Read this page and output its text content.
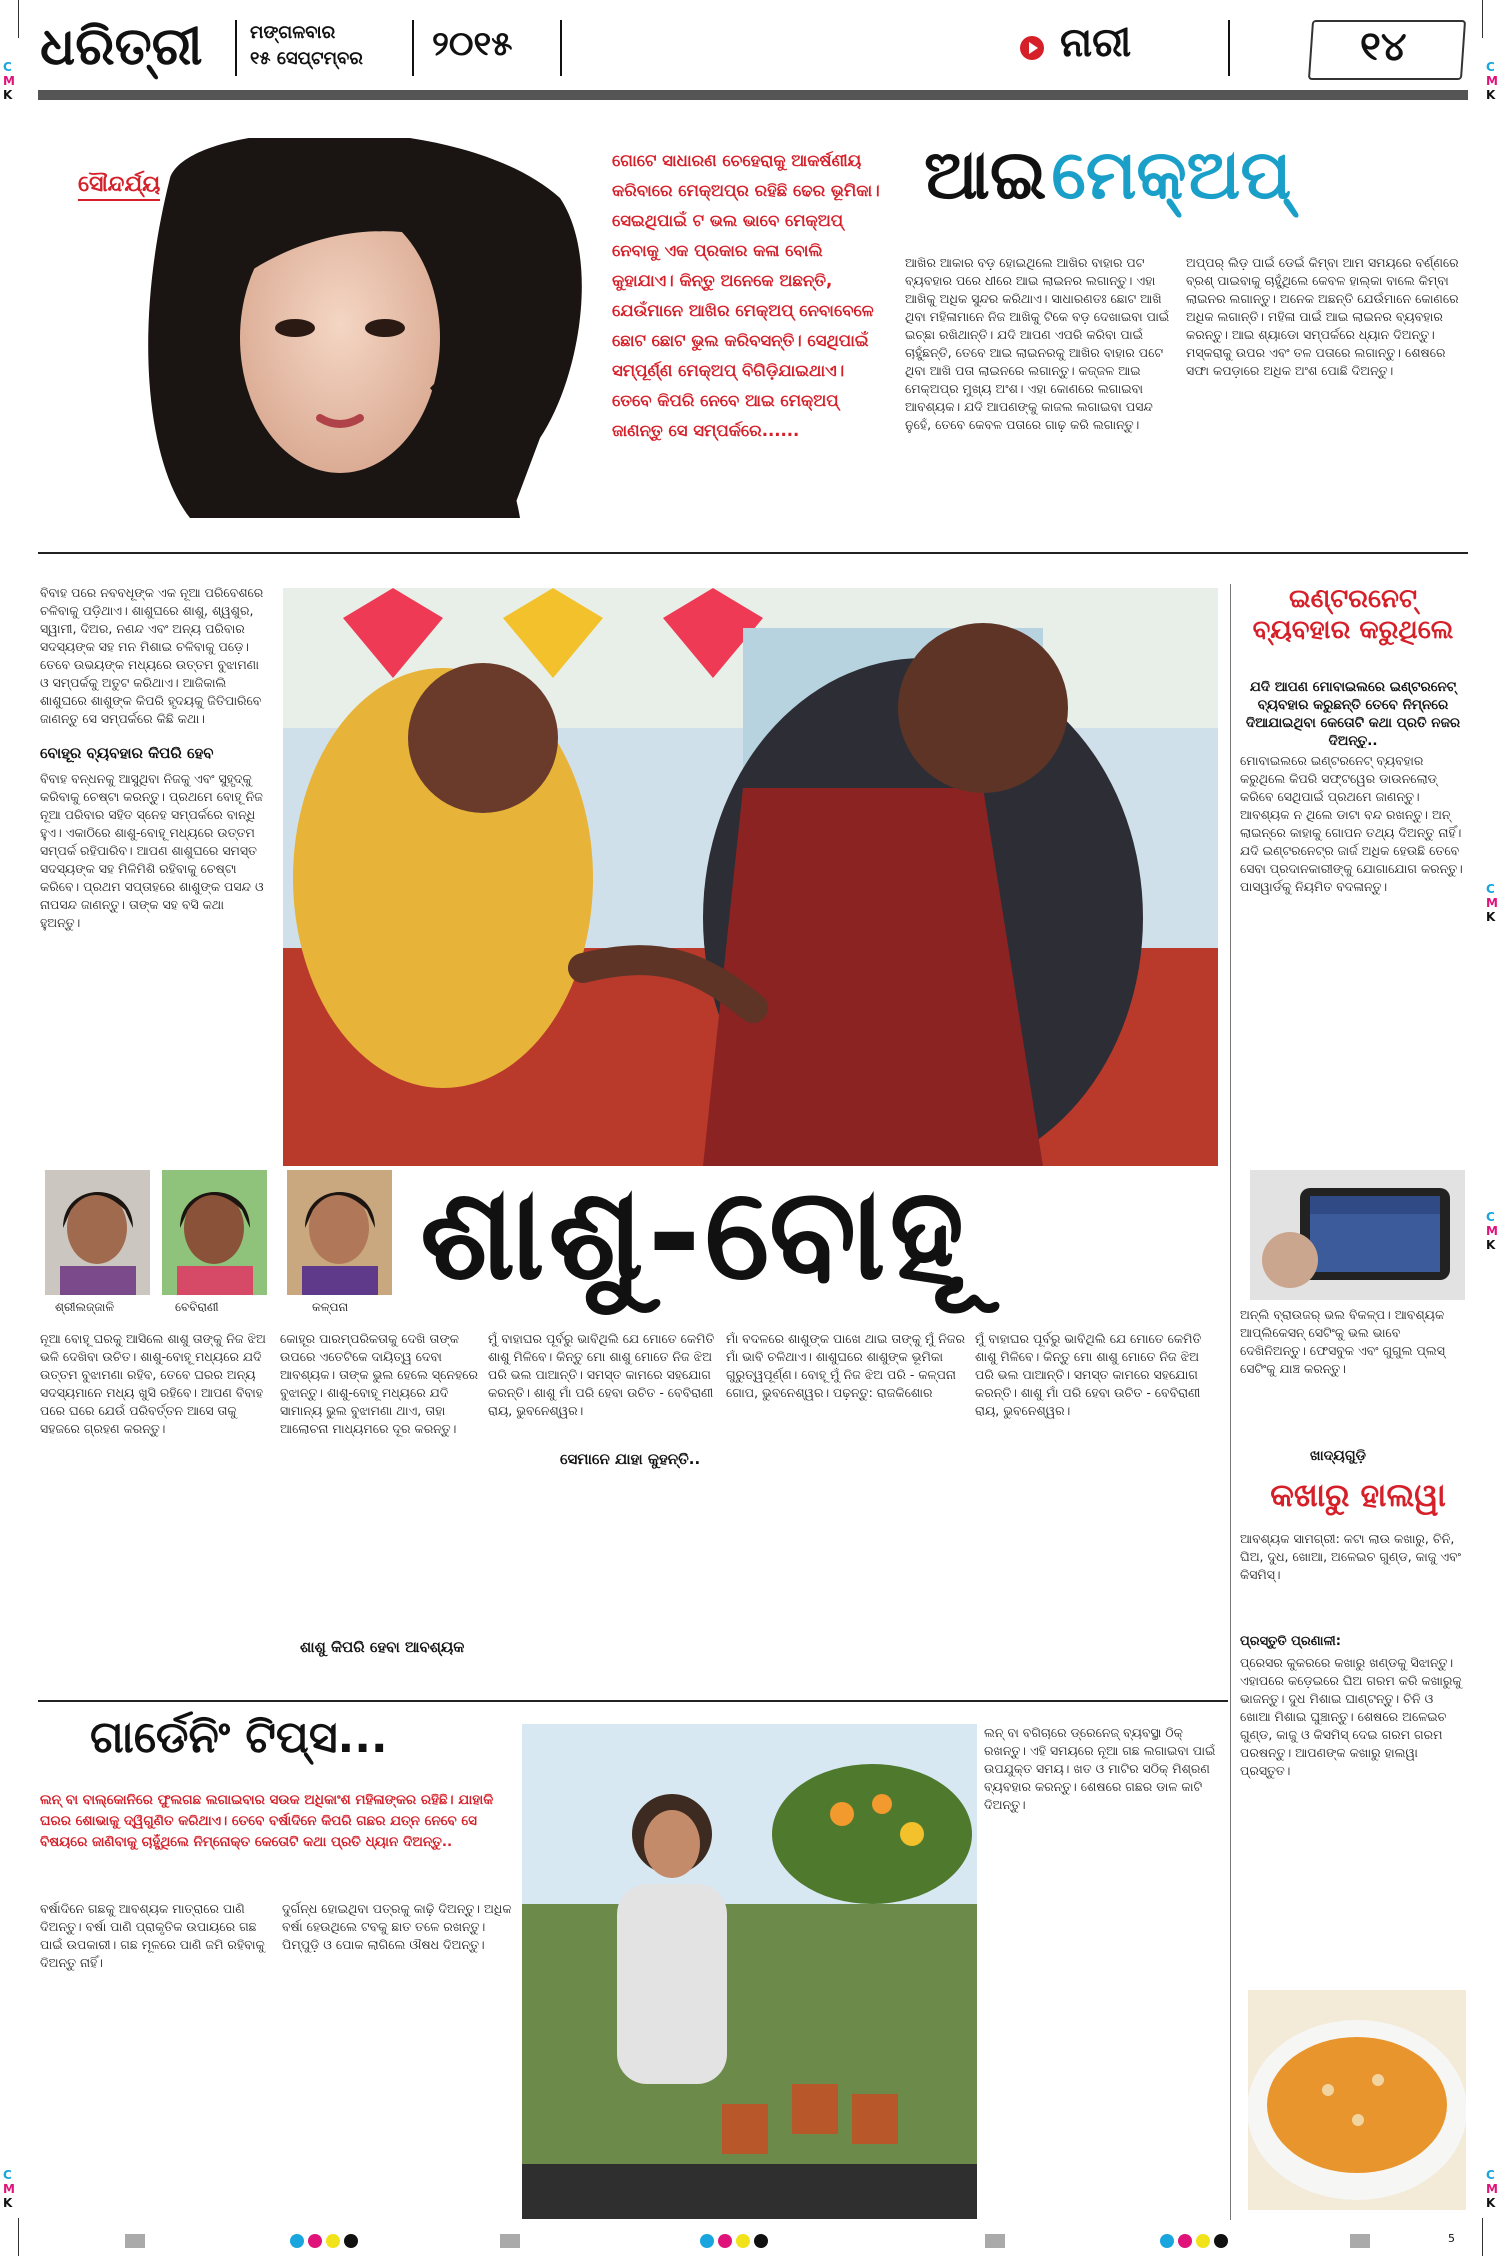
C
M
K
C
M
K
C
M
K
C
M
K
C
M
K
C
M
K
5
ଧରିତ୍ରୀ	ମଙ୍ଗଳବାର
୧୫ ସେପ୍ଟମ୍ବର ୨୦୧୫	ନାରୀ	୧୪
ସୌନ୍ଦର୍ଯ୍ୟ
ଗୋଟେ ସାଧାରଣ ଚେହେରାକୁ ଆକର୍ଷଣୀୟ କରିବାରେ ମେକ୍‌ଅପ୍‌ର ରହିଛି ଢେର ଭୂମିକା। ସେଇଥିପାଇଁ ଟ ଭଲ ଭାବେ ମେକ୍‌ଅପ୍‌ ନେବାକୁ ଏକ ପ୍ରକାର କଳା ବୋଲି କୁହାଯାଏ। କିନ୍ତୁ ଅନେକେ ଅଛନ୍ତି, ଯେଉଁମାନେ ଆଖିର ମେକ୍‌ଅପ୍‌ ନେବାବେଳେ ଛୋଟ ଛୋଟ ଭୁଲ କରିବସନ୍ତି। ସେଥିପାଇଁ ସମ୍ପୂର୍ଣ୍ଣ ମେକ୍‌ଅପ୍‌ ବିଗିଡ଼ିଯାଇଥାଏ। ତେବେ କିପରି ନେବେ ଆଇ ମେକ୍‌ଅପ୍‌ ଜାଣନ୍ତୁ ସେ ସମ୍ପର୍କରେ......
ଆଇ ମେକ୍‌ଅପ୍‌
ଆଖିର ଆକାର ବଡ଼ ହୋଇଥିଲେ ଆଖିର ବାହାର ପଟ ବ୍ୟବହାର ପରେ ଧୀରେ ଆଇ ଲାଇନର ଲଗାନ୍ତୁ। ଏହା ଆଖିକୁ ଅଧିକ ସୁନ୍ଦର କରିଥାଏ। ସାଧାରଣତଃ ଛୋଟ ଆଖି ଥିବା ମହିଳାମାନେ ନିଜ ଆଖିକୁ ଟିକେ ବଡ଼ ଦେଖାଇବା ପାଇଁ ଇଚ୍ଛା ରଖିଥାନ୍ତି। ଯଦି ଆପଣ ଏପରି କରିବା ପାଇଁ ଚାହୁଁଛନ୍ତି, ତେବେ ଆଇ ଲାଇନରକୁ ଆଖିର ବାହାର ପଟେ ଥିବା ଆଖି ପତା ଲାଇନରେ ଲଗାନ୍ତୁ। କଜ୍ଜଳ ଆଇ ମେକ୍‌ଅପ୍‌ର ମୁଖ୍ୟ ଅଂଶ। ଏହା କୋଣରେ ଲଗାଇବା ଆବଶ୍ୟକ। ଯଦି ଆପଣଙ୍କୁ କାଜଲ ଲଗାଇବା ପସନ୍ଦ ନୁହେଁ, ତେବେ କେବଳ ପତାରେ ଗାଢ଼ କରି ଲଗାନ୍ତୁ।
ଅପ୍ପର୍ ଲିଡ଼ ପାଇଁ ଡେଇଁ କିମ୍ବା ଆମ ସମୟରେ ବର୍ଣ୍ଣରେ ବ୍ରଶ୍‌ ପାଇବାକୁ ଚାହୁଁଥିଲେ କେବଳ ହାଲ୍‌କା ବାଲେ କିମ୍ବା ଲାଇନର ଲଗାନ୍ତୁ। ଅନେକ ଅଛନ୍ତି ଯେଉଁମାନେ କୋଣରେ ଅଧିକ ଲଗାନ୍ତି। ମହିଳା ପାଇଁ ଆଇ ଲାଇନର ବ୍ୟବହାର କରନ୍ତୁ। ଆଇ ଶ୍ୟାଡୋ ସମ୍ପର୍କରେ ଧ୍ୟାନ ଦିଅନ୍ତୁ। ମସ୍କରାକୁ ଉପର ଏବଂ ତଳ ପତାରେ ଲଗାନ୍ତୁ। ଶେଷରେ ସଫା କପଡ଼ାରେ ଅଧିକ ଅଂଶ ପୋଛି ଦିଅନ୍ତୁ।
ବିବାହ ପରେ ନବବଧୂଙ୍କ ଏକ ନୂଆ ପରିବେଶରେ ଚଳିବାକୁ ପଡ଼ିଥାଏ। ଶାଶୁଘରେ ଶାଶୁ, ଶ୍ୱଶୁର, ସ୍ୱାମୀ, ଦିଅର, ନଣନ୍ଦ ଏବଂ ଅନ୍ୟ ପରିବାର ସଦସ୍ୟଙ୍କ ସହ ମନ ମିଶାଇ ଚଳିବାକୁ ପଡ଼େ। ତେବେ ଉଭୟଙ୍କ ମଧ୍ୟରେ ଉତ୍ତମ ବୁଝାମଣା ଓ ସମ୍ପର୍କକୁ ଅତୁଟ କରିଥାଏ। ଆଜିକାଲି ଶାଶୁଘରେ ଶାଶୁଙ୍କ କିପରି ହୃଦୟକୁ ଜିତିପାରିବେ ଜାଣନ୍ତୁ ସେ ସମ୍ପର୍କରେ କିଛି କଥା।
ବୋହୂର ବ୍ୟବହାର କିପରି ହେବ
ବିବାହ ବନ୍ଧନକୁ ଆସୁଥିବା ନିଜକୁ ଏବଂ ସୁହୃଦ୍‌କୁ କରିବାକୁ ଚେଷ୍ଟା କରନ୍ତୁ। ପ୍ରଥମେ ବୋହୂ ନିଜ ନୂଆ ପରିବାର ସହିତ ସ୍ନେହ ସମ୍ପର୍କରେ ବାନ୍ଧି ହୁଏ। ଏକାଠିରେ ଶାଶୁ-ବୋହୂ ମଧ୍ୟରେ ଉତ୍ତମ ସମ୍ପର୍କ ରହିପାରିବ। ଆପଣ ଶାଶୁଘରେ ସମସ୍ତ ସଦସ୍ୟଙ୍କ ସହ ମିଳିମିଶି ରହିବାକୁ ଚେଷ୍ଟା କରିବେ। ପ୍ରଥମ ସପ୍ତାହରେ ଶାଶୁଙ୍କ ପସନ୍ଦ ଓ ନାପସନ୍ଦ ଜାଣନ୍ତୁ। ତାଙ୍କ ସହ ବସି କଥା ହୁଅନ୍ତୁ।
ଇଣ୍ଟରନେଟ୍‌
ବ୍ୟବହାର କରୁଥିଲେ
ଯଦି ଆପଣ ମୋବାଇଲରେ ଇଣ୍ଟରନେଟ୍‌ ବ୍ୟବହାର କରୁଛନ୍ତି ତେବେ ନିମ୍ନରେ ଦିଆଯାଇଥିବା କେତୋଟି କଥା ପ୍ରତି ନଜର ଦିଅନ୍ତୁ..
ମୋବାଇଲରେ ଇଣ୍ଟରନେଟ୍‌ ବ୍ୟବହାର କରୁଥିଲେ କିପରି ସଫ୍ଟୱେର ଡାଉନଲୋଡ୍‌ କରିବେ ସେଥିପାଇଁ ପ୍ରଥମେ ଜାଣନ୍ତୁ। ଆବଶ୍ୟକ ନ ଥିଲେ ଡାଟା ବନ୍ଦ ରଖନ୍ତୁ। ଅନ୍‌ ଲାଇନ୍‌ରେ କାହାକୁ ଗୋପନ ତଥ୍ୟ ଦିଅନ୍ତୁ ନାହିଁ। ଯଦି ଇଣ୍ଟରନେଟ୍‌ର ଜାର୍ଜ ଅଧିକ ହେଉଛି ତେବେ ସେବା ପ୍ରଦାନକାରୀଙ୍କୁ ଯୋଗାଯୋଗ କରନ୍ତୁ। ପାସୱାର୍ଡକୁ ନିୟମିତ ବଦଳାନ୍ତୁ।
ଅନ୍‌ଲି ବ୍ରାଉଜର୍‌ ଭଲ ବିକଳ୍ପ। ଆବଶ୍ୟକ ଆପ୍‌ଲିକେସନ୍‌ ସେଟିଂକୁ ଭଲ ଭାବେ ଦେଖିନିଅନ୍ତୁ। ଫେସବୁକ ଏବଂ ଗୁଗୁଲ ପ୍ଲସ୍‌ ସେଟିଂକୁ ଯାଞ୍ଚ କରନ୍ତୁ।
ଶ୍ରୀଲଜ୍ଜାଳି	ବେବିରାଣୀ	କଳ୍ପନା ଶାଶୁ-ବୋହୂ
ନୂଆ ବୋହୂ ଘରକୁ ଆସିଲେ ଶାଶୁ ତାଙ୍କୁ ନିଜ ଝିଅ ଭଳି ଦେଖିବା ଉଚିତ। ଶାଶୁ-ବୋହୂ ମଧ୍ୟରେ ଯଦି ଉତ୍ତମ ବୁଝାମଣା ରହିବ, ତେବେ ଘରର ଅନ୍ୟ ସଦସ୍ୟମାନେ ମଧ୍ୟ ଖୁସି ରହିବେ। ଆପଣ ବିବାହ ପରେ ଘରେ ଯେଉଁ ପରିବର୍ତ୍ତନ ଆସେ ତାକୁ ସହଜରେ ଗ୍ରହଣ କରନ୍ତୁ।
କୋହୂର ପାରମ୍ପରିକତାକୁ ଦେଖି ତାଙ୍କ ଉପରେ ଏତେଟିକେ ଦାୟିତ୍ୱ ଦେବା ଆବଶ୍ୟକ। ତାଙ୍କ ଭୁଲ ହେଲେ ସ୍ନେହରେ ବୁଝାନ୍ତୁ। ଶାଶୁ-ବୋହୂ ମଧ୍ୟରେ ଯଦି ସାମାନ୍ୟ ଭୁଲ ବୁଝାମଣା ଥାଏ, ତାହା ଆଲୋଚନା ମାଧ୍ୟମରେ ଦୂର କରନ୍ତୁ।
ଶାଶୁ କିପରି ହେବା ଆବଶ୍ୟକ
ସେମାନେ ଯାହା କୁହନ୍ତି..
ମୁଁ ବାହାଘର ପୂର୍ବରୁ ଭାବିଥିଲି ଯେ ମୋତେ କେମିତି ଶାଶୁ ମିଳିବେ। କିନ୍ତୁ ମୋ ଶାଶୁ ମୋତେ ନିଜ ଝିଅ ପରି ଭଲ ପାଆନ୍ତି। ସମସ୍ତ କାମରେ ସହଯୋଗ କରନ୍ତି। ଶାଶୁ ମାଁ ପରି ହେବା ଉଚିତ - ବେବିରାଣୀ ରାୟ, ଭୁବନେଶ୍ୱର।
ମାଁ ବଦଳରେ ଶାଶୁଙ୍କ ପାଖେ ଥାଇ ତାଙ୍କୁ ମୁଁ ନିଜର ମାଁ ଭାବି ଚଳିଥାଏ। ଶାଶୁଘରେ ଶାଶୁଙ୍କ ଭୂମିକା ଗୁରୁତ୍ୱପୂର୍ଣ୍ଣ। ବୋହୂ ମୁଁ ନିଜ ଝିଅ ପରି - କଳ୍ପନା ଗୋପ, ଭୁବନେଶ୍ୱର। ପଢ଼ନ୍ତୁ: ରାଜକିଶୋର
ମୁଁ ବାହାଘର ପୂର୍ବରୁ ଭାବିଥିଲି ଯେ ମୋତେ କେମିତି ଶାଶୁ ମିଳିବେ। କିନ୍ତୁ ମୋ ଶାଶୁ ମୋତେ ନିଜ ଝିଅ ପରି ଭଲ ପାଆନ୍ତି। ସମସ୍ତ କାମରେ ସହଯୋଗ କରନ୍ତି। ଶାଶୁ ମାଁ ପରି ହେବା ଉଚିତ - ବେବିରାଣୀ ରାୟ, ଭୁବନେଶ୍ୱର।
ଖାଦ୍ୟଗୁଡ଼ି
କଖାରୁ ହାଲୱା
ଆବଶ୍ୟକ ସାମଗ୍ରୀ: କଟା ଲାଉ କଖାରୁ, ଚିନି, ଘିଅ, ଦୁଧ, ଖୋଆ, ଅଳେଇଚ ଗୁଣ୍ଡ, କାଜୁ ଏବଂ କିସମିସ୍‌।
ପ୍ରସ୍ତୁତି ପ୍ରଣାଳୀ:
ପ୍ରେସର କୁକରରେ କଖାରୁ ଖଣ୍ଡକୁ ସିଝାନ୍ତୁ। ଏହାପରେ କଡ଼େଇରେ ଘିଅ ଗରମ କରି କଖାରୁକୁ ଭାଜନ୍ତୁ। ଦୁଧ ମିଶାଇ ଘାଣ୍ଟନ୍ତୁ। ଚିନି ଓ ଖୋଆ ମିଶାଇ ଘୁଞ୍ଚାନ୍ତୁ। ଶେଷରେ ଅଳେଇଚ ଗୁଣ୍ଡ, କାଜୁ ଓ କିସମିସ୍‌ ଦେଇ ଗରମ ଗରମ ପରଷନ୍ତୁ। ଆପଣଙ୍କ କଖାରୁ ହାଲୱା ପ୍ରସ୍ତୁତ।
ଗାର୍ଡେନିଂ ଟିପ୍ସ...
ଲନ୍‌ ବା ବାଲ୍‌କୋନିରେ ଫୁଲଗଛ ଲଗାଇବାର ସଉକ ଅଧିକାଂଶ ମହିଳାଙ୍କର ରହିଛି। ଯାହାକି ଘରର ଶୋଭାକୁ ଦ୍ୱିଗୁଣିତ କରିଥାଏ। ତେବେ ବର୍ଷାଦିନେ କିପରି ଗଛର ଯତ୍ନ ନେବେ ସେ ବିଷୟରେ ଜାଣିବାକୁ ଚାହୁଁଥିଲେ ନିମ୍ନୋକ୍ତ କେତୋଟି କଥା ପ୍ରତି ଧ୍ୟାନ ଦିଅନ୍ତୁ..
ବର୍ଷାଦିନେ ଗଛକୁ ଆବଶ୍ୟକ ମାତ୍ରାରେ ପାଣି ଦିଅନ୍ତୁ। ବର୍ଷା ପାଣି ପ୍ରାକୃତିକ ଉପାୟରେ ଗଛ ପାଇଁ ଉପକାରୀ। ଗଛ ମୂଳରେ ପାଣି ଜମି ରହିବାକୁ ଦିଅନ୍ତୁ ନାହିଁ।
ଦୁର୍ଗନ୍ଧ ହୋଇଥିବା ପତ୍ରକୁ କାଢ଼ି ଦିଅନ୍ତୁ। ଅଧିକ ବର୍ଷା ହେଉଥିଲେ ଟବକୁ ଛାତ ତଳେ ରଖନ୍ତୁ। ପିମ୍ପୁଡ଼ି ଓ ପୋକ ଲାଗିଲେ ଔଷଧ ଦିଅନ୍ତୁ।
ଲନ୍‌ ବା ବଗିଚାରେ ଡ୍ରେନେଜ୍‌ ବ୍ୟବସ୍ଥା ଠିକ୍‌ ରଖନ୍ତୁ। ଏହି ସମୟରେ ନୂଆ ଗଛ ଲଗାଇବା ପାଇଁ ଉପଯୁକ୍ତ ସମୟ। ଖତ ଓ ମାଟିର ସଠିକ୍‌ ମିଶ୍ରଣ ବ୍ୟବହାର କରନ୍ତୁ। ଶେଷରେ ଗଛର ଡାଳ କାଟି ଦିଅନ୍ତୁ।
